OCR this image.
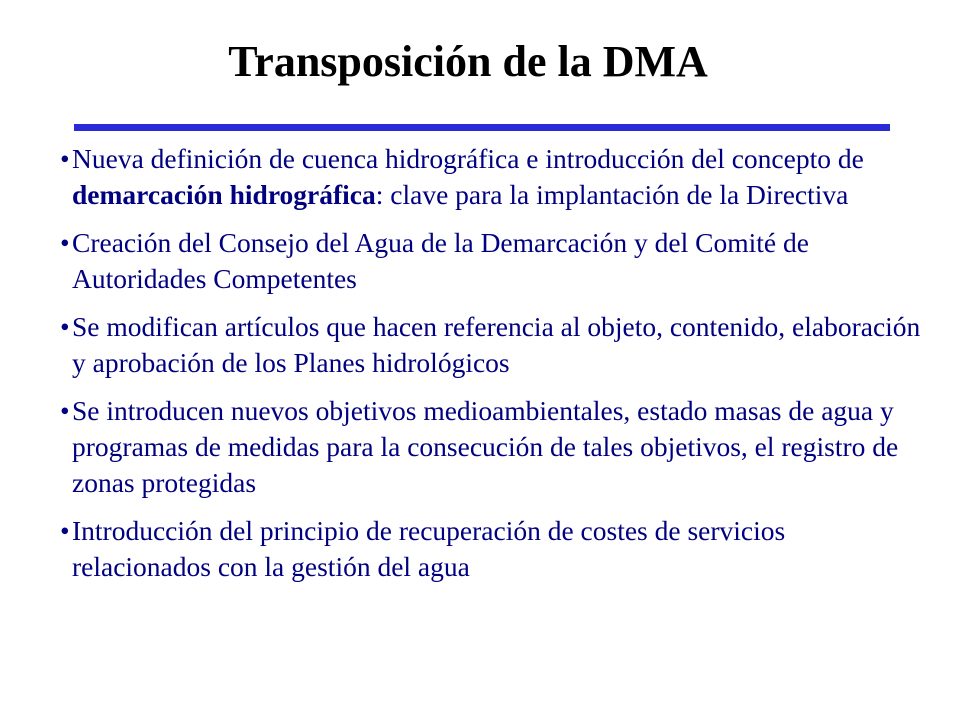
Transposición de la DMA
• Nueva definición de cuenca hidrográfica e introducción del concepto de demarcación hidrográfica: clave para la implantación de la Directiva
• Creación del Consejo del Agua de la Demarcación y del Comité de Autoridades Competentes
• Se modifican artículos que hacen referencia al objeto, contenido, elaboración y aprobación de los Planes hidrológicos
• Se introducen nuevos objetivos medioambientales, estado masas de agua y programas de medidas para la consecución de tales objetivos, el registro de zonas protegidas
• Introducción del principio de recuperación de costes de servicios relacionados con la gestión del agua
